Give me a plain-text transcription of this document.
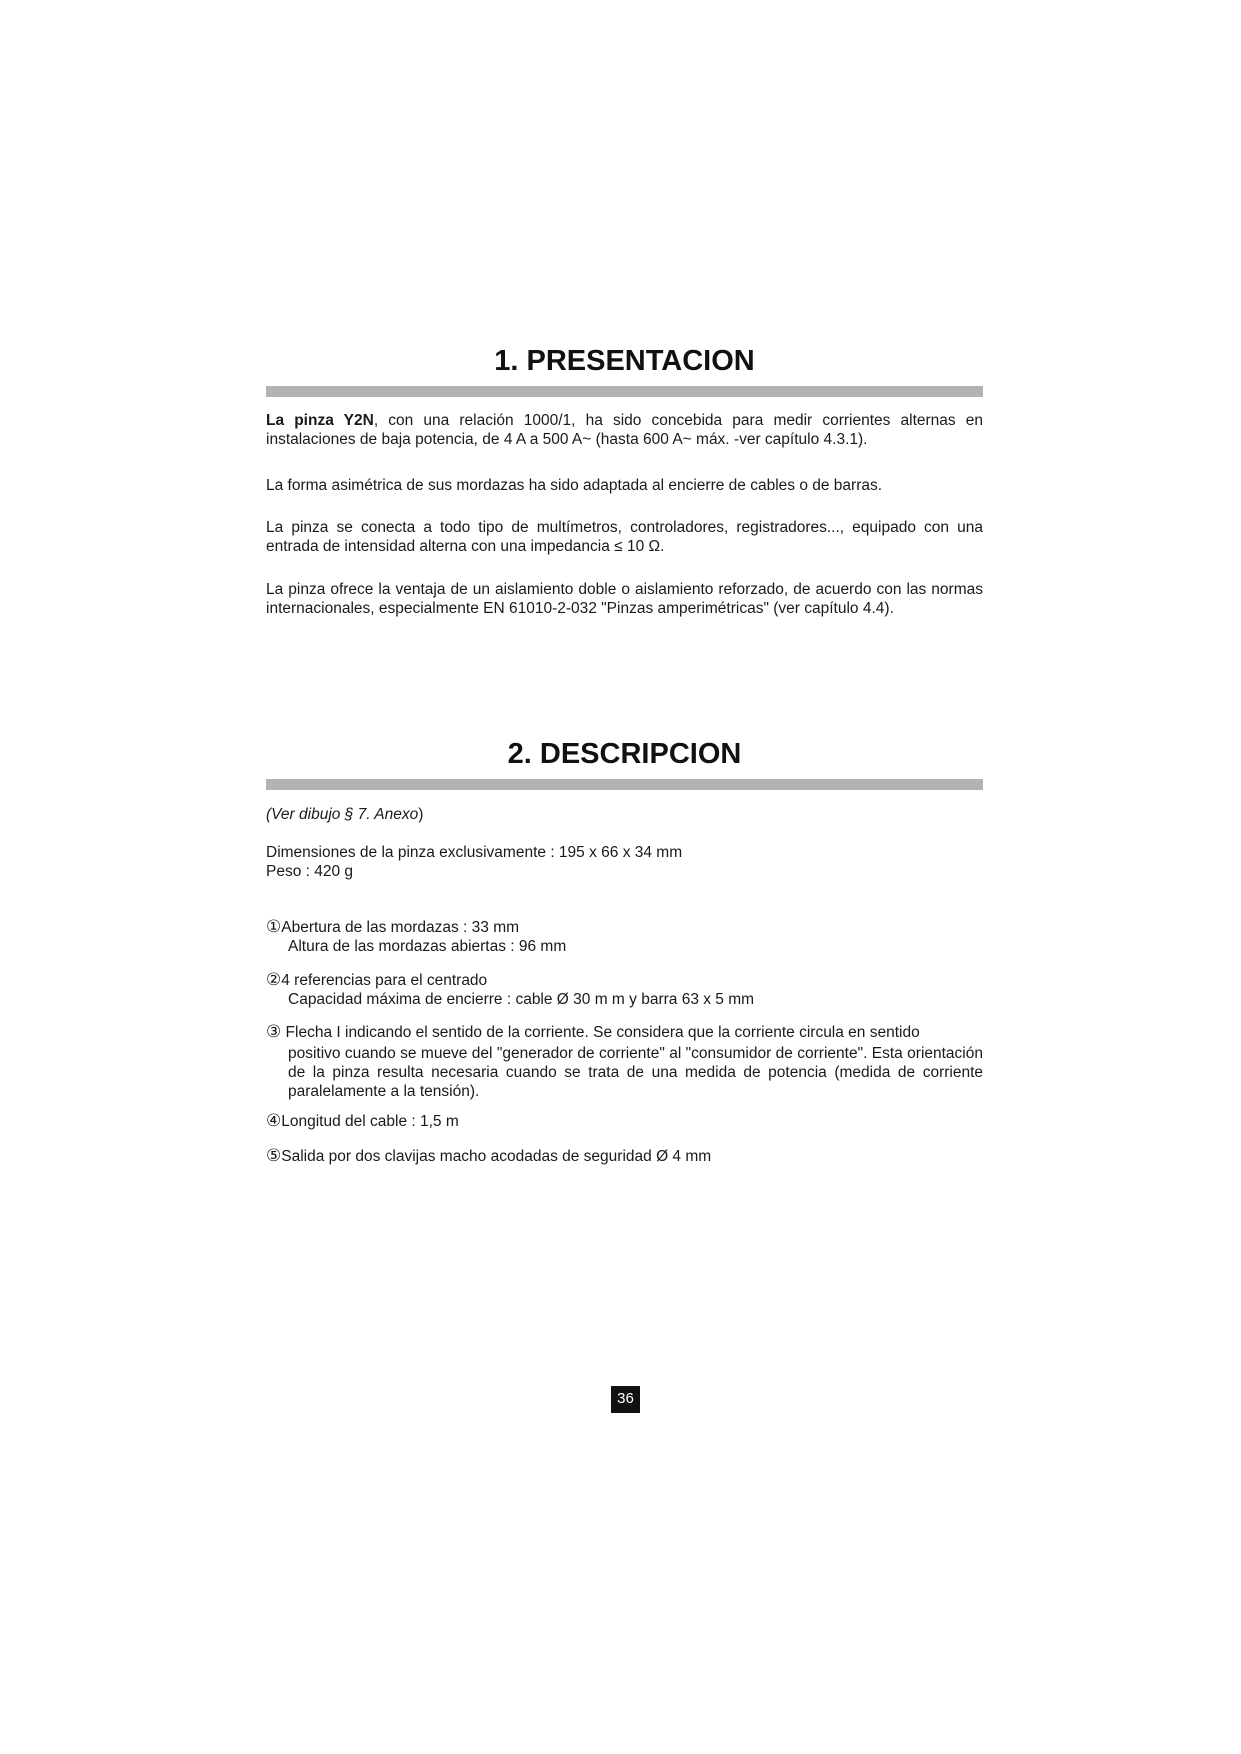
1. PRESENTACION

La pinza Y2N, con una relación 1000/1, ha sido concebida para medir corrientes alternas en instalaciones de baja potencia, de 4 A a 500 A~ (hasta 600 A~ máx. -ver capítulo 4.3.1).

La forma asimétrica de sus mordazas ha sido adaptada al encierre de cables o de barras.

La pinza se conecta a todo tipo de multímetros, controladores, registradores..., equipado con una entrada de intensidad alterna con una impedancia ≤ 10 Ω.

La pinza ofrece la ventaja de un aislamiento doble o aislamiento reforzado, de acuerdo con las normas internacionales, especialmente EN 61010-2-032 "Pinzas amperimétricas" (ver capítulo 4.4).

2. DESCRIPCION
(Ver dibujo § 7. Anexo)
Dimensiones de la pinza exclusivamente : 195 x 66 x 34 mm
Peso : 420 g
①Abertura de las mordazas : 33 mm
Altura de las mordazas abiertas : 96 mm
②4 referencias para el centrado
Capacidad máxima de encierre : cable Ø 30 m m y barra 63 x 5 mm
③ Flecha I indicando el sentido de la corriente. Se considera que la corriente circula en sentido
positivo cuando se mueve del "generador de corriente" al "consumidor de corriente". Esta orientación de la pinza resulta necesaria cuando se trata de una medida de potencia (medida de corriente paralelamente a la tensión).
④Longitud del cable : 1,5 m
⑤Salida por dos clavijas macho acodadas de seguridad Ø 4 mm
36
